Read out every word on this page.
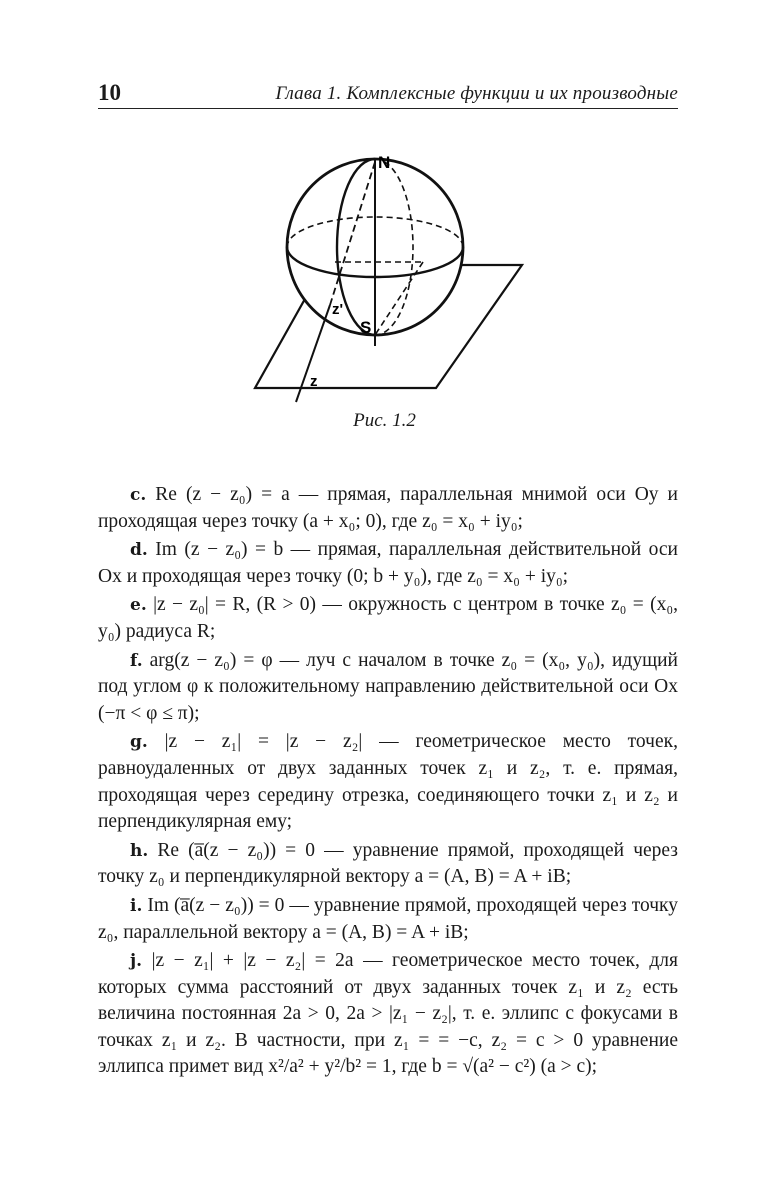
10	Глава 1. Комплексные функции и их производные
N
S
z'
z
Рис. 1.2

c. Re (z − z₀) = a — прямая, параллельная мнимой оси Oy и проходящая через точку (a + x₀; 0), где z₀ = x₀ + iy₀;

d. Im (z − z₀) = b — прямая, параллельная действительной оси Ox и проходящая через точку (0; b + y₀), где z₀ = x₀ + iy₀;

e. |z − z₀| = R, (R > 0) — окружность с центром в точке z₀ = (x₀, y₀) радиуса R;

f. arg(z − z₀) = φ — луч с началом в точке z₀ = (x₀, y₀), идущий под углом φ к положительному направлению действительной оси Ox (−π < φ ≤ π);

g. |z − z₁| = |z − z₂| — геометрическое место точек, равноудаленных от двух заданных точек z₁ и z₂, т. е. прямая, проходящая через середину отрезка, соединяющего точки z₁ и z₂ и перпендикулярная ему;

h. Re (a̅(z − z₀)) = 0 — уравнение прямой, проходящей через точку z₀ и перпендикулярной вектору a = (A, B) = A + iB;

i. Im (a̅(z − z₀)) = 0 — уравнение прямой, проходящей через точку z₀, параллельной вектору a = (A, B) = A + iB;

j. |z − z₁| + |z − z₂| = 2a — геометрическое место точек, для которых сумма расстояний от двух заданных точек z₁ и z₂ есть величина постоянная 2a > 0, 2a > |z₁ − z₂|, т. е. эллипс с фокусами в точках z₁ и z₂. В частности, при z₁ = = −c, z₂ = c > 0 уравнение эллипса примет вид x²/a² + y²/b² = 1, где b = √(a² − c²) (a > c);
